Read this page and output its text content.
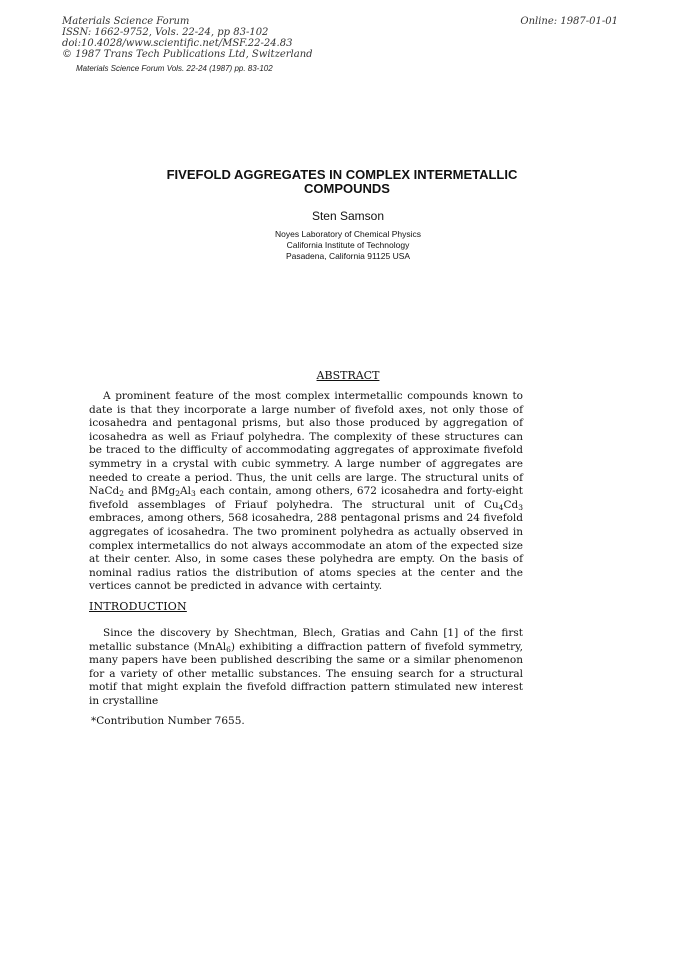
Materials Science Forum
ISSN: 1662-9752, Vols. 22-24, pp 83-102
doi:10.4028/www.scientific.net/MSF.22-24.83
© 1987 Trans Tech Publications Ltd, Switzerland
Online: 1987-01-01
Materials Science Forum Vols. 22-24 (1987) pp. 83-102
FIVEFOLD AGGREGATES IN COMPLEX INTERMETALLIC
COMPOUNDS
Sten Samson
Noyes Laboratory of Chemical Physics
California Institute of Technology
Pasadena, California 91125 USA
ABSTRACT

A prominent feature of the most complex intermetallic compounds known to date is that they incorporate a large number of fivefold axes, not only those of icosahedra and pentagonal prisms, but also those produced by aggregation of icosahedra as well as Friauf polyhedra. The complexity of these structures can be traced to the difficulty of accommodating aggregates of approximate fivefold symmetry in a crystal with cubic symmetry. A large number of aggregates are needed to create a period. Thus, the unit cells are large. The structural units of NaCd$_2$ and $\beta Mg_2Al_3$ each contain, among others, 672 icosahedra and forty-eight fivefold assemblages of Friauf polyhedra. The structural unit of $Cu_4Cd_3$ embraces, among others, 568 icosahedra, 288 pentagonal prisms and 24 fivefold aggregates of icosahedra. The two prominent polyhedra as actually observed in complex intermetallics do not always accommodate an atom of the expected size at their center. Also, in some cases these polyhedra are empty. On the basis of nominal radius ratios the distribution of atoms species at the center and the vertices cannot be predicted in advance with certainty.

INTRODUCTION

Since the discovery by Shechtman, Blech, Gratias and Cahn [1] of the first metallic substance (MnAl$_6$) exhibiting a diffraction pattern of fivefold symmetry, many papers have been published describing the same or a similar phenomenon for a variety of other metallic substances. The ensuing search for a structural motif that might explain the fivefold diffraction pattern stimulated new interest in crystalline

*Contribution Number 7655.
